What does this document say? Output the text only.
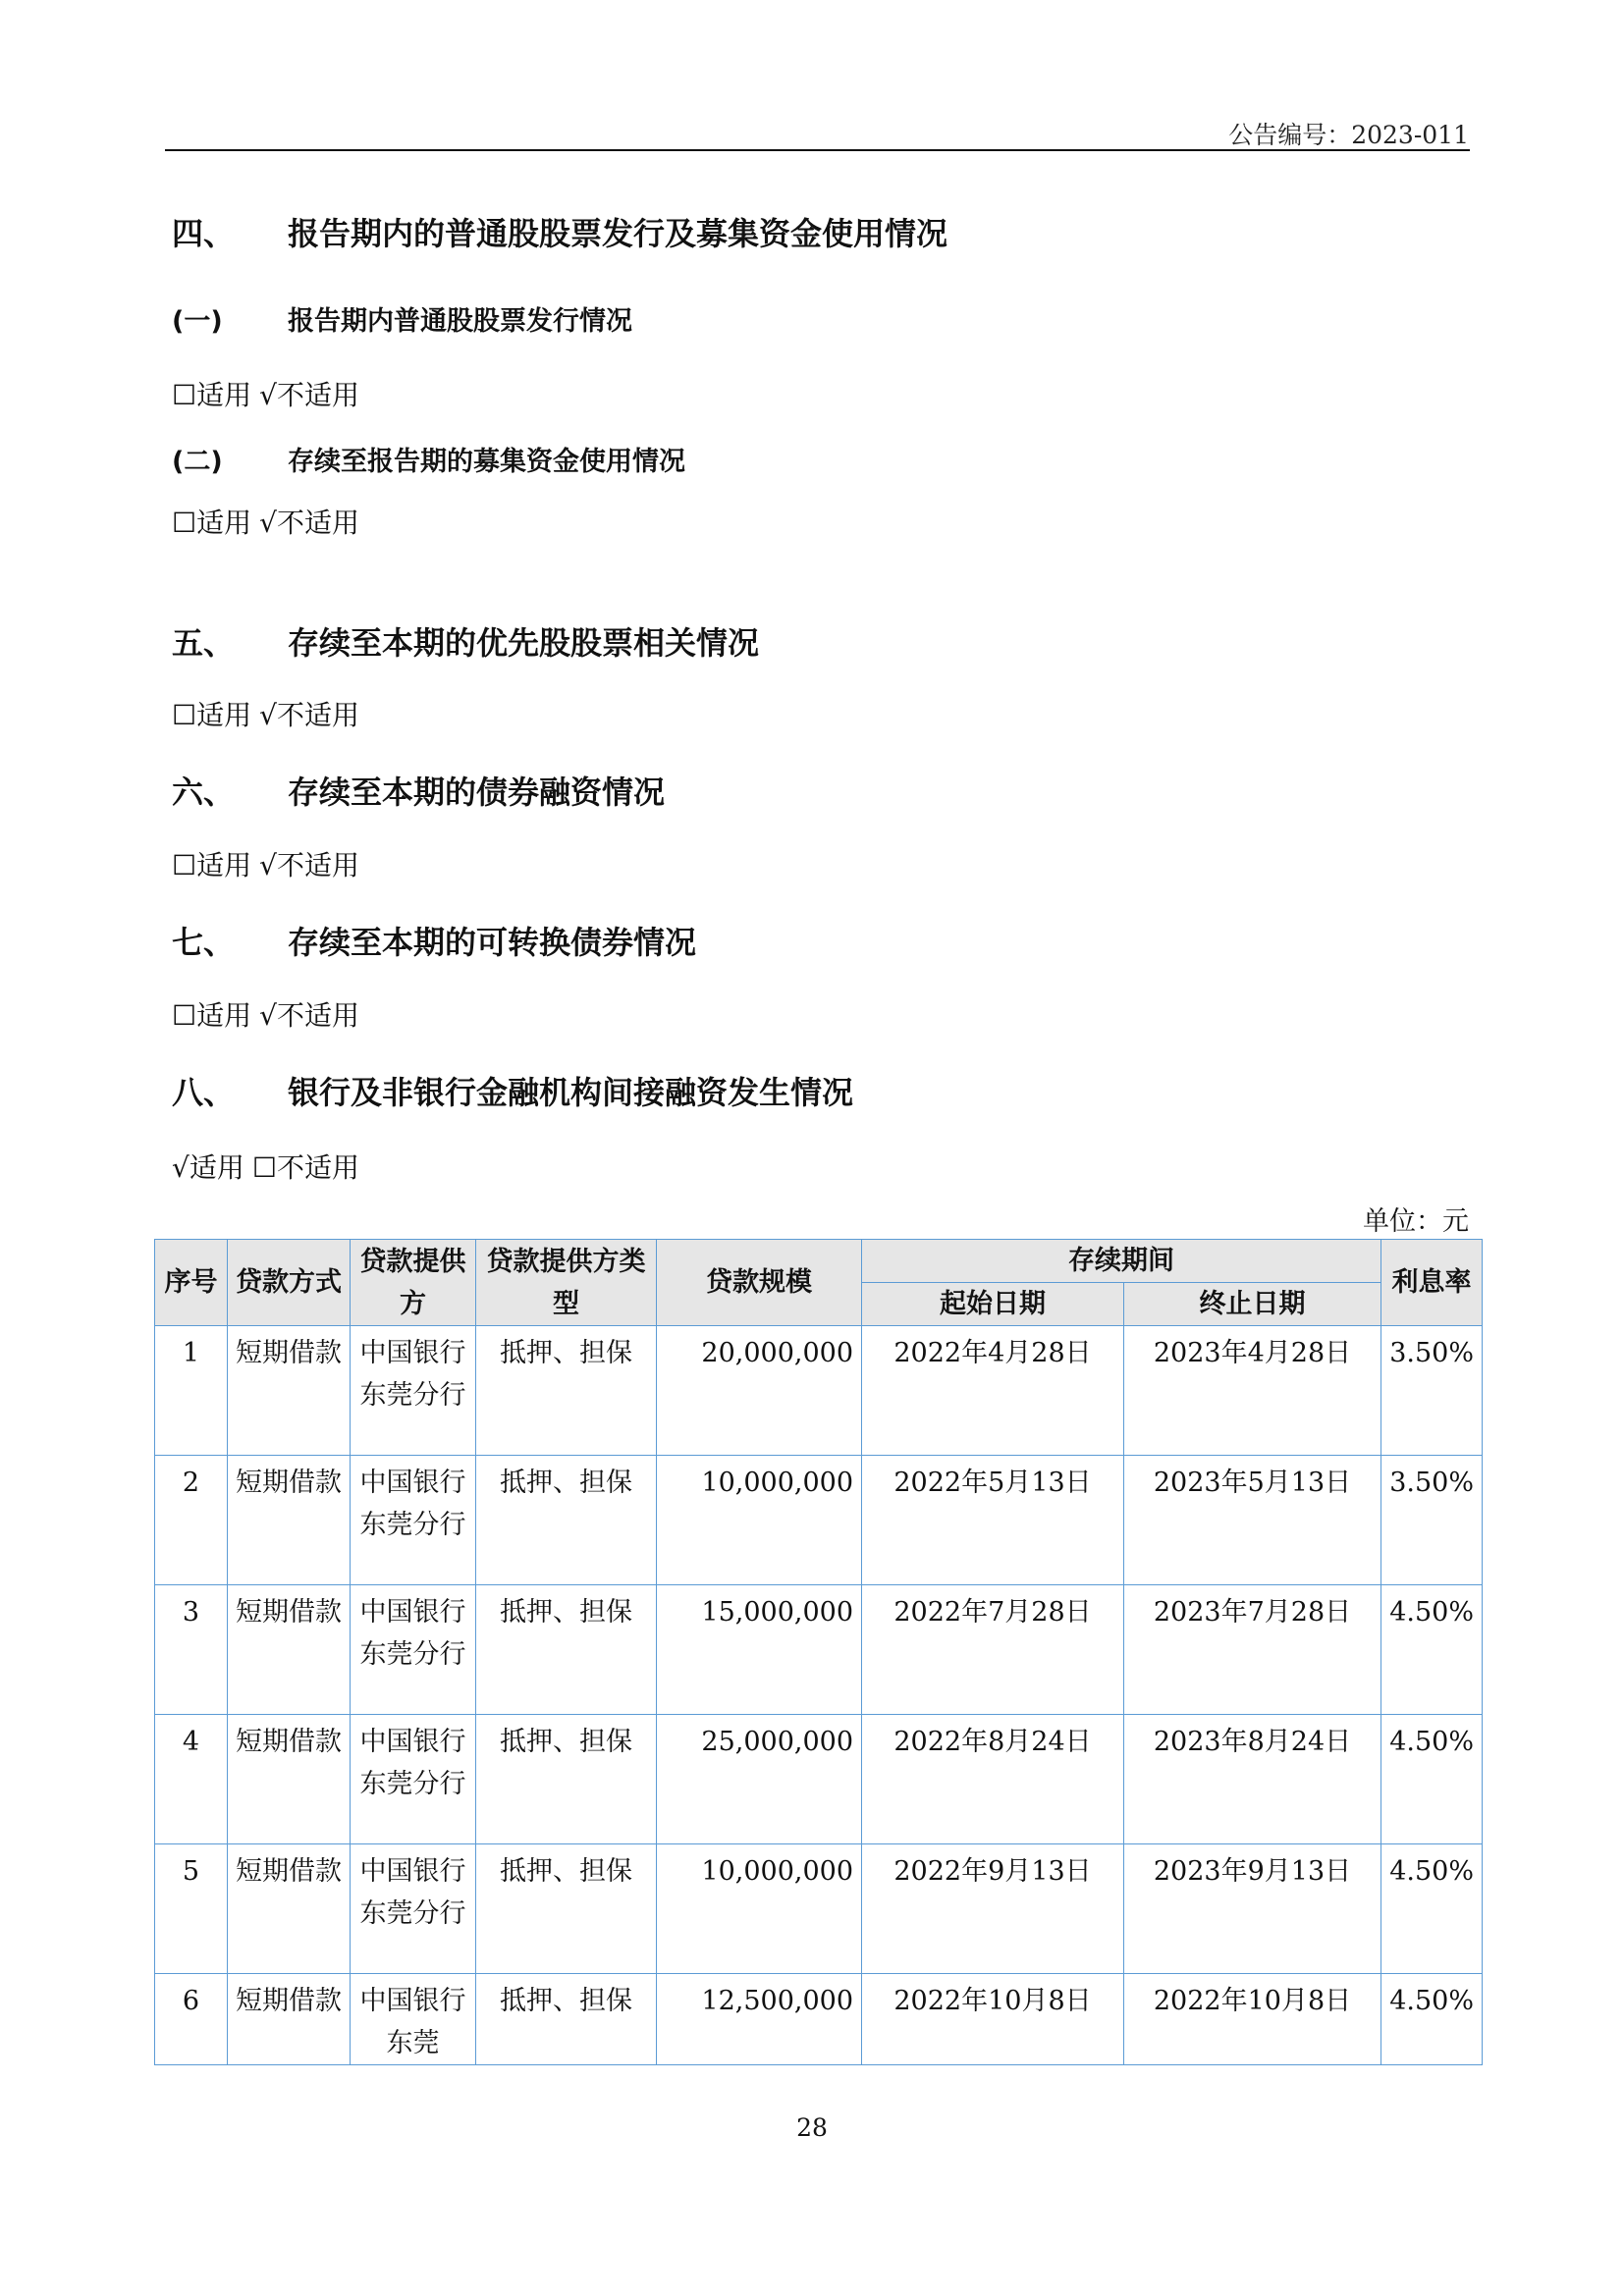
公告编号：2023-011
四、 报告期内的普通股股票发行及募集资金使用情况
(一) 报告期内普通股股票发行情况
☐适用 √不适用
(二) 存续至报告期的募集资金使用情况
☐适用 √不适用
五、 存续至本期的优先股股票相关情况
☐适用 √不适用
六、 存续至本期的债券融资情况
☐适用 √不适用
七、 存续至本期的可转换债券情况
☐适用 √不适用
八、 银行及非银行金融机构间接融资发生情况
√适用 ☐不适用
单位：元
序号	贷款方式	贷款提供方	贷款提供方类型	贷款规模	存续期间		利息率
					起始日期	终止日期	
1	短期借款	中国银行东莞分行	抵押、担保	20,000,000	2022年4月28日	2023年4月28日	3.50%
2	短期借款	中国银行东莞分行	抵押、担保	10,000,000	2022年5月13日	2023年5月13日	3.50%
3	短期借款	中国银行东莞分行	抵押、担保	15,000,000	2022年7月28日	2023年7月28日	4.50%
4	短期借款	中国银行东莞分行	抵押、担保	25,000,000	2022年8月24日	2023年8月24日	4.50%
5	短期借款	中国银行东莞分行	抵押、担保	10,000,000	2022年9月13日	2023年9月13日	4.50%
6	短期借款	中国银行东莞	抵押、担保	12,500,000	2022年10月8日	2022年10月8日	4.50%
28
